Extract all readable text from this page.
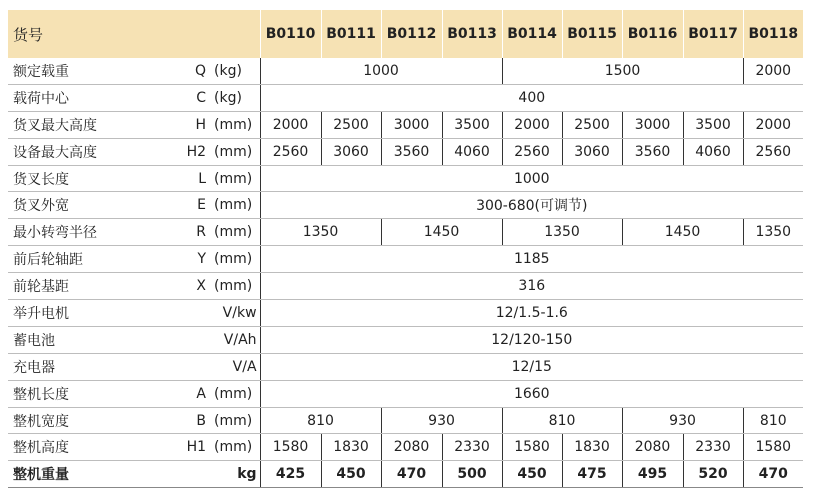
货号			B0110	B0111	B0112	B0113	B0114	B0115	B0116	B0117	B0118
额定载重	Q	(kg)	1000				1500				2000
载荷中心	C	(kg)	400								
货叉最大高度	H	(mm)	2000	2500	3000	3500	2000	2500	3000	3500	2000
设备最大高度	H2	(mm)	2560	3060	3560	4060	2560	3060	3560	4060	2560
货叉长度	L	(mm)	1000								
货叉外宽	E	(mm)	300-680(可调节)								
最小转弯半径	R	(mm)	1350		1450		1350		1450		1350
前后轮轴距	Y	(mm)	1185								
前轮基距	X	(mm)	316								
举升电机		V/kw	12/1.5-1.6								
蓄电池		V/Ah	12/120-150								
充电器		V/A	12/15								
整机长度	A	(mm)	1660								
整机宽度	B	(mm)	810		930		810		930		810
整机高度	H1	(mm)	1580	1830	2080	2330	1580	1830	2080	2330	1580
整机重量		kg	425	450	470	500	450	475	495	520	470
